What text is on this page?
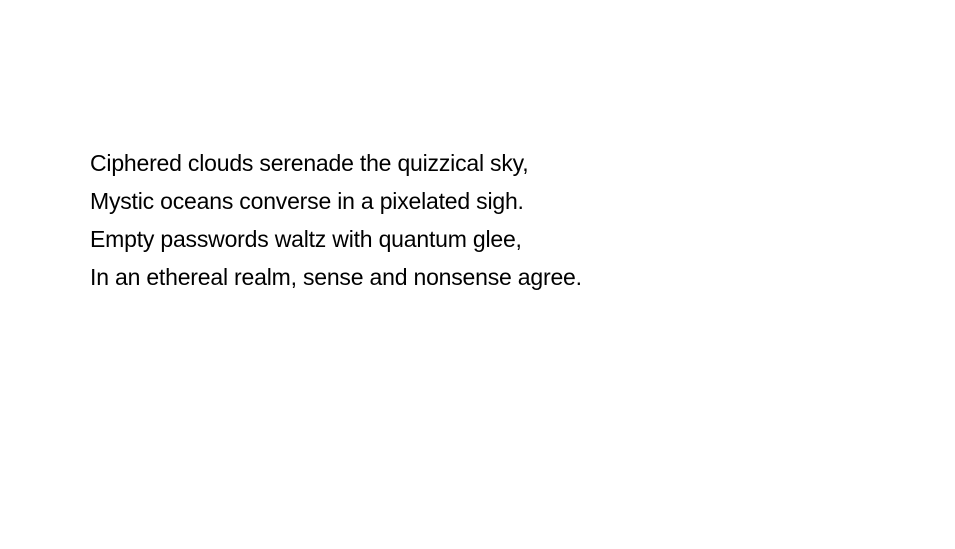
Ciphered clouds serenade the quizzical sky,
Mystic oceans converse in a pixelated sigh.
Empty passwords waltz with quantum glee,
In an ethereal realm, sense and nonsense agree.
